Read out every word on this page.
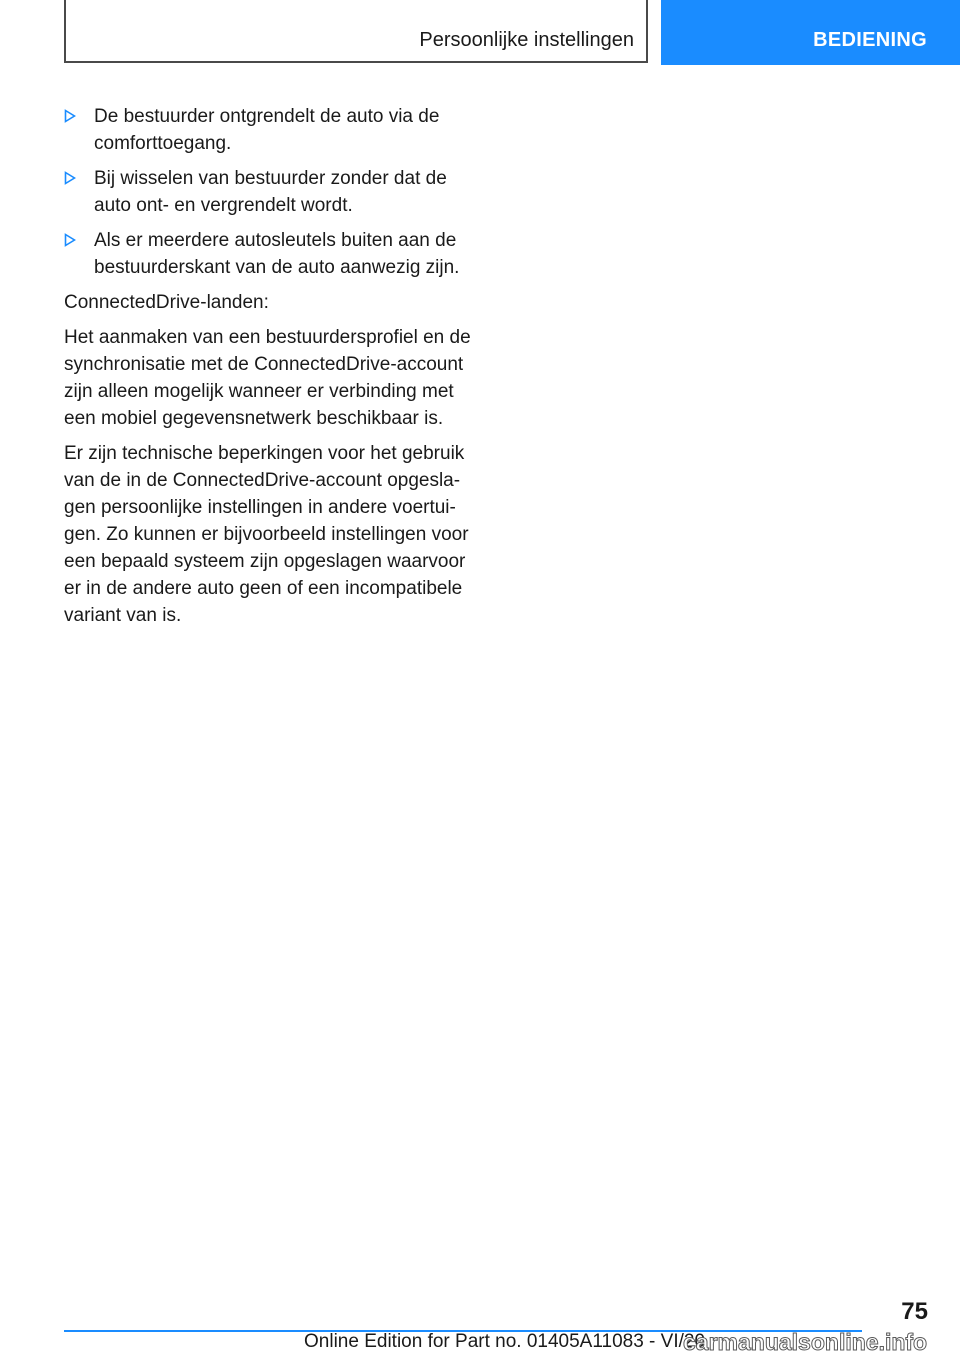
Persoonlijke instellingen	BEDIENING
De bestuurder ontgrendelt de auto via de comforttoegang.
Bij wisselen van bestuurder zonder dat de auto ont- en vergrendelt wordt.
Als er meerdere autosleutels buiten aan de bestuurderskant van de auto aanwezig zijn.

ConnectedDrive-landen:

Het aanmaken van een bestuurdersprofiel en de synchronisatie met de ConnectedDrive-account zijn alleen mogelijk wanneer er verbinding met een mobiel gegevensnetwerk beschikbaar is.

Er zijn technische beperkingen voor het gebruik van de in de ConnectedDrive-account opgeslagen persoonlijke instellingen in andere voertuigen. Zo kunnen er bijvoorbeeld instellingen voor een bepaald systeem zijn opgeslagen waarvoor er in de andere auto geen of een incompatibele variant van is.

75
Online Edition for Part no. 01405A11083 - VI/20
carmanualsonline.info
